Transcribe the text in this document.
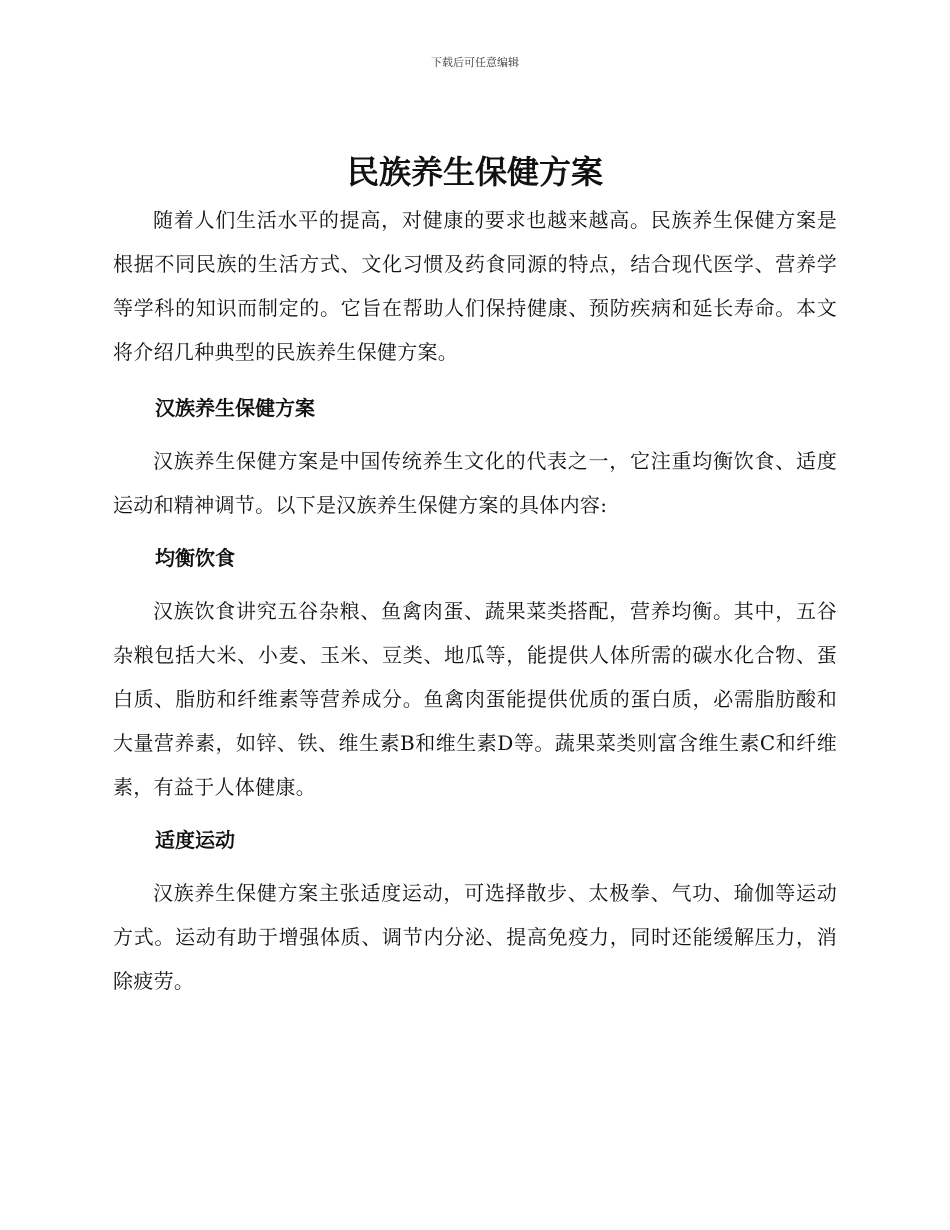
下载后可任意编辑
民族养生保健方案

随着人们生活水平的提高，对健康的要求也越来越高。民族养生保健方案是根据不同民族的生活方式、文化习惯及药食同源的特点，结合现代医学、营养学等学科的知识而制定的。它旨在帮助人们保持健康、预防疾病和延长寿命。本文将介绍几种典型的民族养生保健方案。

汉族养生保健方案

汉族养生保健方案是中国传统养生文化的代表之一，它注重均衡饮食、适度运动和精神调节。以下是汉族养生保健方案的具体内容:

均衡饮食

汉族饮食讲究五谷杂粮、鱼禽肉蛋、蔬果菜类搭配，营养均衡。其中，五谷杂粮包括大米、小麦、玉米、豆类、地瓜等，能提供人体所需的碳水化合物、蛋白质、脂肪和纤维素等营养成分。鱼禽肉蛋能提供优质的蛋白质，必需脂肪酸和大量营养素，如锌、铁、维生素B和维生素D等。蔬果菜类则富含维生素C和纤维素，有益于人体健康。

适度运动

汉族养生保健方案主张适度运动，可选择散步、太极拳、气功、瑜伽等运动方式。运动有助于增强体质、调节内分泌、提高免疫力，同时还能缓解压力，消除疲劳。
